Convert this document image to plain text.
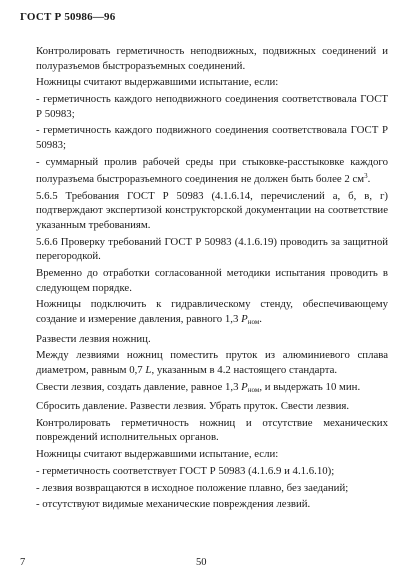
ГОСТ Р 50986—96

Контролировать герметичность неподвижных, подвижных соединений и полуразъемов быстроразъемных соединений.

Ножницы считают выдержавшими испытание, если:

- герметичность каждого неподвижного соединения соответствовала ГОСТ Р 50983;

- герметичность каждого подвижного соединения соответствовала ГОСТ Р 50983;

- суммарный пролив рабочей среды при стыковке-расстыковке каждого полуразъема быстроразъемного соединения не должен быть более 2 $см^3$.

5.6.5 Требования ГОСТ Р 50983 (4.1.6.14, перечислений а, б, в, г) подтверждают экспертизой конструкторской документации на соответствие указанным требованиям.

5.6.6 Проверку требований ГОСТ Р 50983 (4.1.6.19) проводить за защитной перегородкой.

Временно до отработки согласованной методики испытания проводить в следующем порядке.

Ножницы подключить к гидравлическому стенду, обеспечивающему создание и измерение давления, равного 1,3 $P_{ном}$.

Развести лезвия ножниц.

Между лезвиями ножниц поместить пруток из алюминиевого сплава диаметром, равным 0,7 L, указанным в 4.2 настоящего стандарта.

Свести лезвия, создать давление, равное 1,3 $P_{ном}$, и выдержать 10 мин.

Сбросить давление. Развести лезвия. Убрать пруток. Свести лезвия.

Контролировать герметичность ножниц и отсутствие механических повреждений исполнительных органов.

Ножницы считают выдержавшими испытание, если:

- герметичность соответствует ГОСТ Р 50983 (4.1.6.9 и 4.1.6.10);

- лезвия возвращаются в исходное положение плавно, без заеданий;

- отсутствуют видимые механические повреждения лезвий.

7	50
